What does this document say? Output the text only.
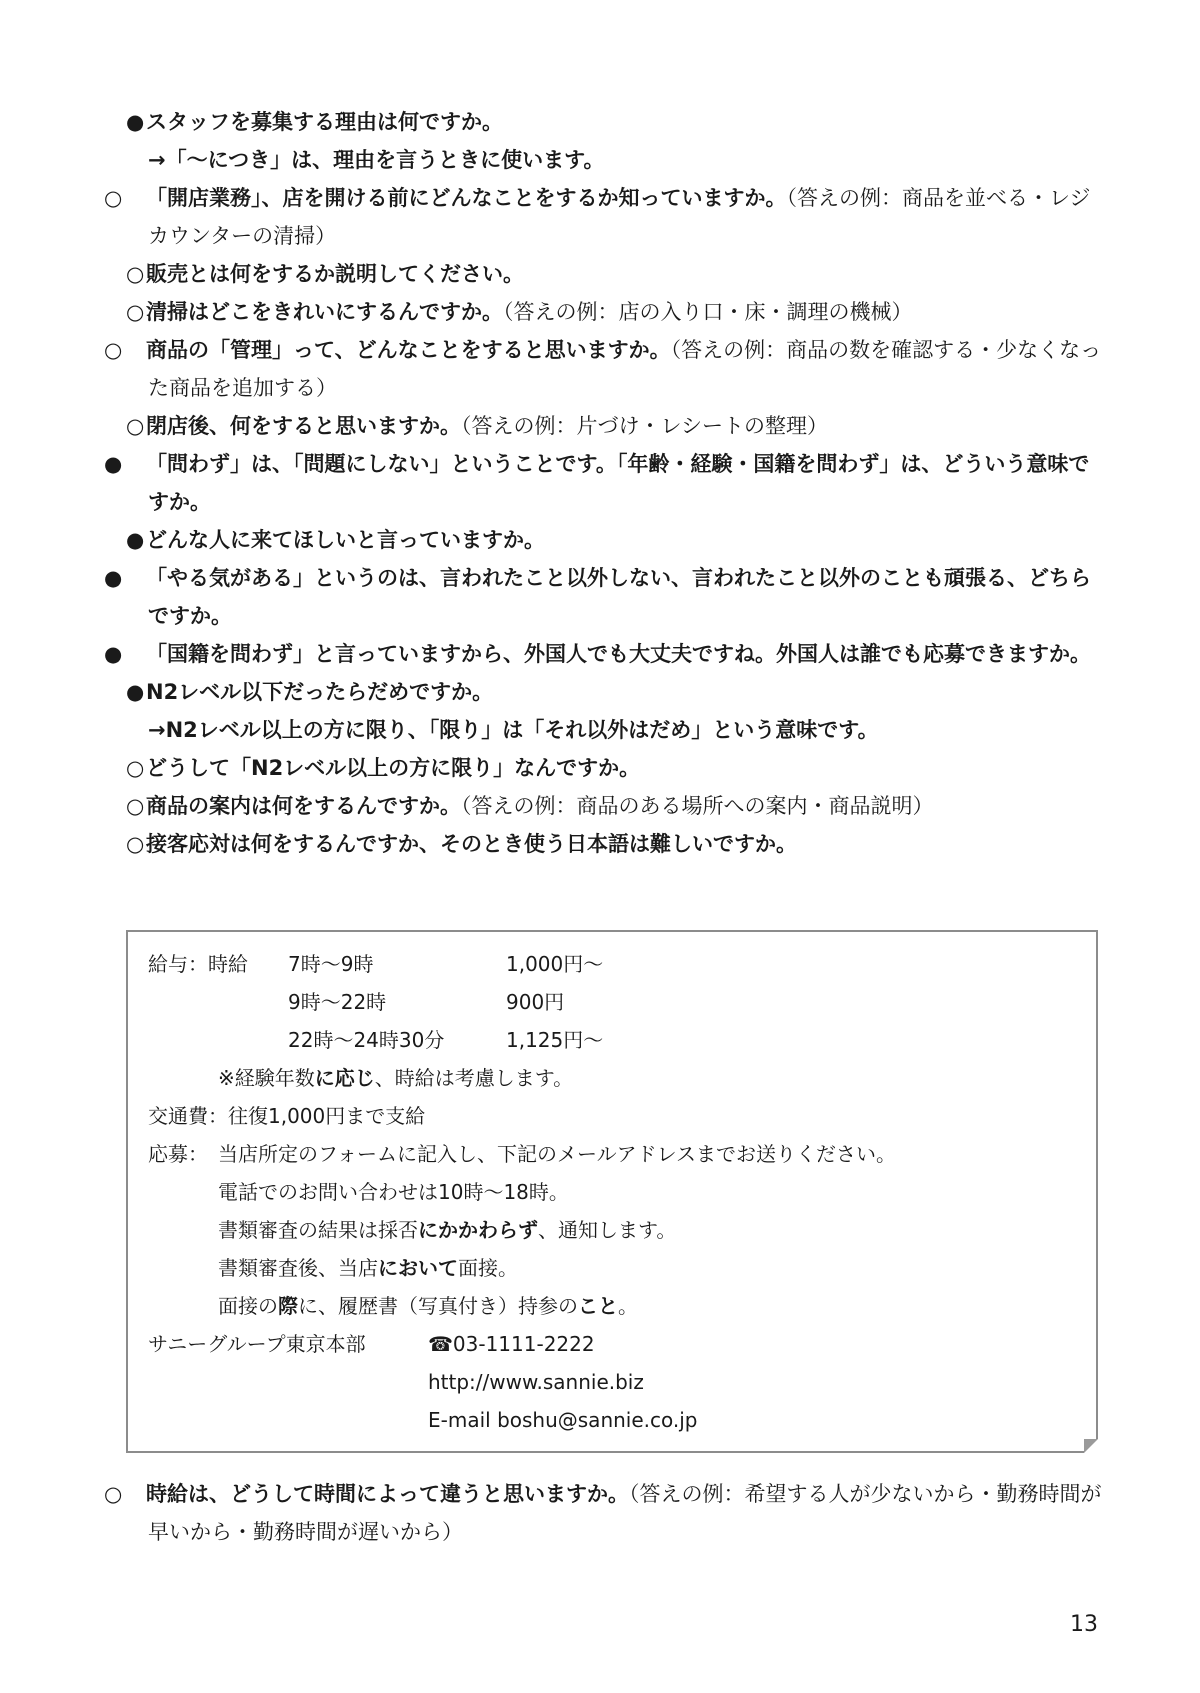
●スタッフを募集する理由は何ですか。
→「〜につき」は、理由を言うときに使います。
○ 「開店業務」、店を開ける前にどんなことをするか知っていますか。（答えの例：商品を並べる・レジカウンターの清掃）
○販売とは何をするか説明してください。
○清掃はどこをきれいにするんですか。（答えの例：店の入り口・床・調理の機械）
○ 商品の「管理」って、どんなことをすると思いますか。（答えの例：商品の数を確認する・少なくなった商品を追加する）
○閉店後、何をすると思いますか。（答えの例：片づけ・レシートの整理）
● 「問わず」は、「問題にしない」ということです。「年齢・経験・国籍を問わず」は、どういう意味ですか。
●どんな人に来てほしいと言っていますか。
● 「やる気がある」というのは、言われたこと以外しない、言われたこと以外のことも頑張る、どちらですか。
● 「国籍を問わず」と言っていますから、外国人でも大丈夫ですね。外国人は誰でも応募できますか。
●N2レベル以下だったらだめですか。
→N2レベル以上の方に限り、「限り」は「それ以外はだめ」という意味です。
○どうして「N2レベル以上の方に限り」なんですか。
○商品の案内は何をするんですか。（答えの例：商品のある場所への案内・商品説明）
○接客応対は何をするんですか、そのとき使う日本語は難しいですか。
給与：時給 7時〜9時	1,000円〜
9時〜22時	900円
22時〜24時30分	1,125円〜
※経験年数に応じ、時給は考慮します。
交通費：往復1,000円まで支給
応募： 当店所定のフォームに記入し、下記のメールアドレスまでお送りください。
電話でのお問い合わせは10時〜18時。
書類審査の結果は採否にかかわらず、通知します。
書類審査後、当店において面接。
面接の際に、履歴書（写真付き）持参のこと。
サニーグループ東京本部	☎03-1111-2222
http://www.sannie.biz
E-mail boshu@sannie.co.jp
○ 時給は、どうして時間によって違うと思いますか。（答えの例：希望する人が少ないから・勤務時間が早いから・勤務時間が遅いから）
13
